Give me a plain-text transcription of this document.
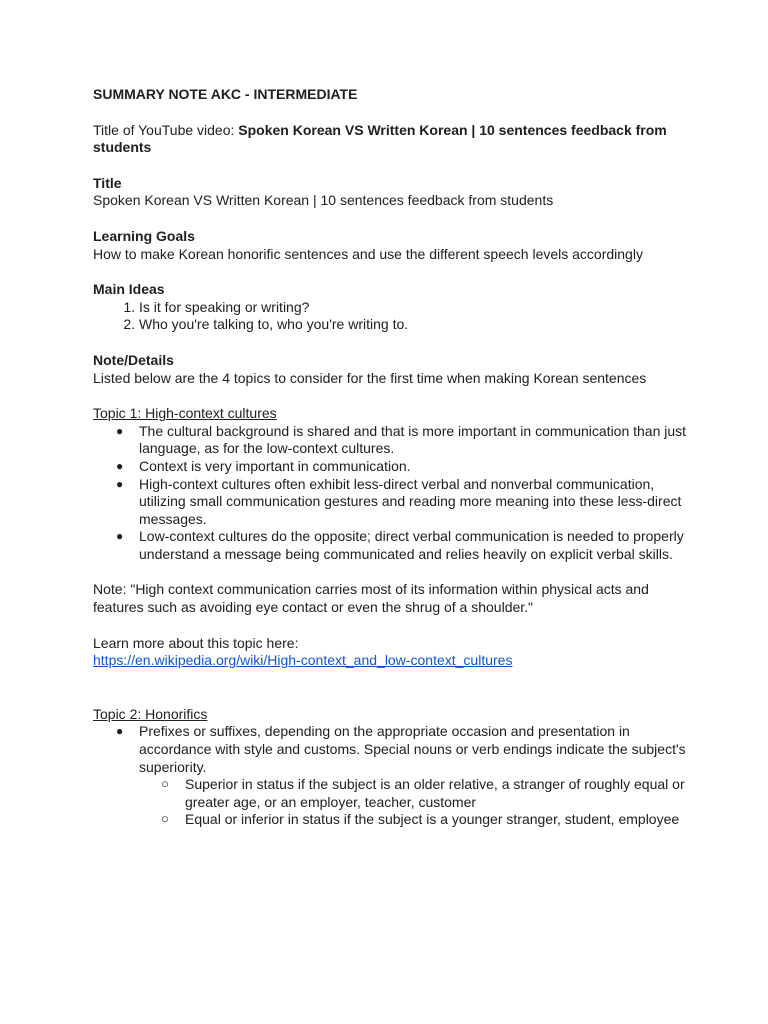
SUMMARY NOTE AKC - INTERMEDIATE
Title of YouTube video: Spoken Korean VS Written Korean | 10 sentences feedback from students
Title
Spoken Korean VS Written Korean | 10 sentences feedback from students
Learning Goals
How to make Korean honorific sentences and use the different speech levels accordingly
Main Ideas
1. Is it for speaking or writing?
2. Who you're talking to, who you're writing to.
Note/Details
Listed below are the 4 topics to consider for the first time when making Korean sentences
Topic 1: High-context cultures
● The cultural background is shared and that is more important in communication than just language, as for the low-context cultures.
● Context is very important in communication.
● High-context cultures often exhibit less-direct verbal and nonverbal communication, utilizing small communication gestures and reading more meaning into these less-direct messages.
● Low-context cultures do the opposite; direct verbal communication is needed to properly understand a message being communicated and relies heavily on explicit verbal skills.
Note: "High context communication carries most of its information within physical acts and features such as avoiding eye contact or even the shrug of a shoulder."
Learn more about this topic here:
https://en.wikipedia.org/wiki/High-context_and_low-context_cultures
Topic 2: Honorifics
● Prefixes or suffixes, depending on the appropriate occasion and presentation in accordance with style and customs. Special nouns or verb endings indicate the subject's superiority.
○ Superior in status if the subject is an older relative, a stranger of roughly equal or greater age, or an employer, teacher, customer
○ Equal or inferior in status if the subject is a younger stranger, student, employee
